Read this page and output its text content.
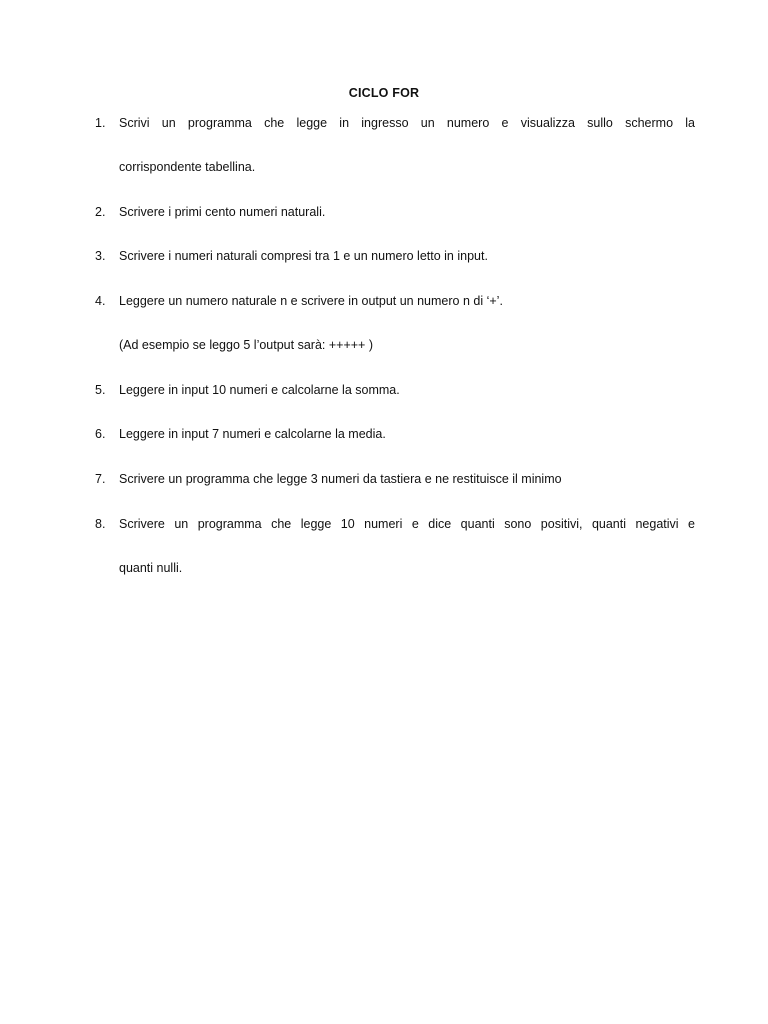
CICLO FOR
1.	Scrivi un programma che legge in ingresso un numero e visualizza sullo schermo la
corrispondente tabellina.
2.	Scrivere i primi cento numeri naturali.
3.	Scrivere i numeri naturali compresi tra 1 e un numero letto in input.
4.	Leggere un numero naturale n e scrivere in output un numero n di ‘+’.
(Ad esempio se leggo 5 l’output sarà: +++++ )
5.	Leggere in input 10 numeri e calcolarne la somma.
6.	Leggere in input 7 numeri e calcolarne la media.
7.	Scrivere un programma che legge 3 numeri da tastiera e ne restituisce il minimo
8.	Scrivere un programma che legge 10 numeri e dice quanti sono positivi, quanti negativi e
quanti nulli.
